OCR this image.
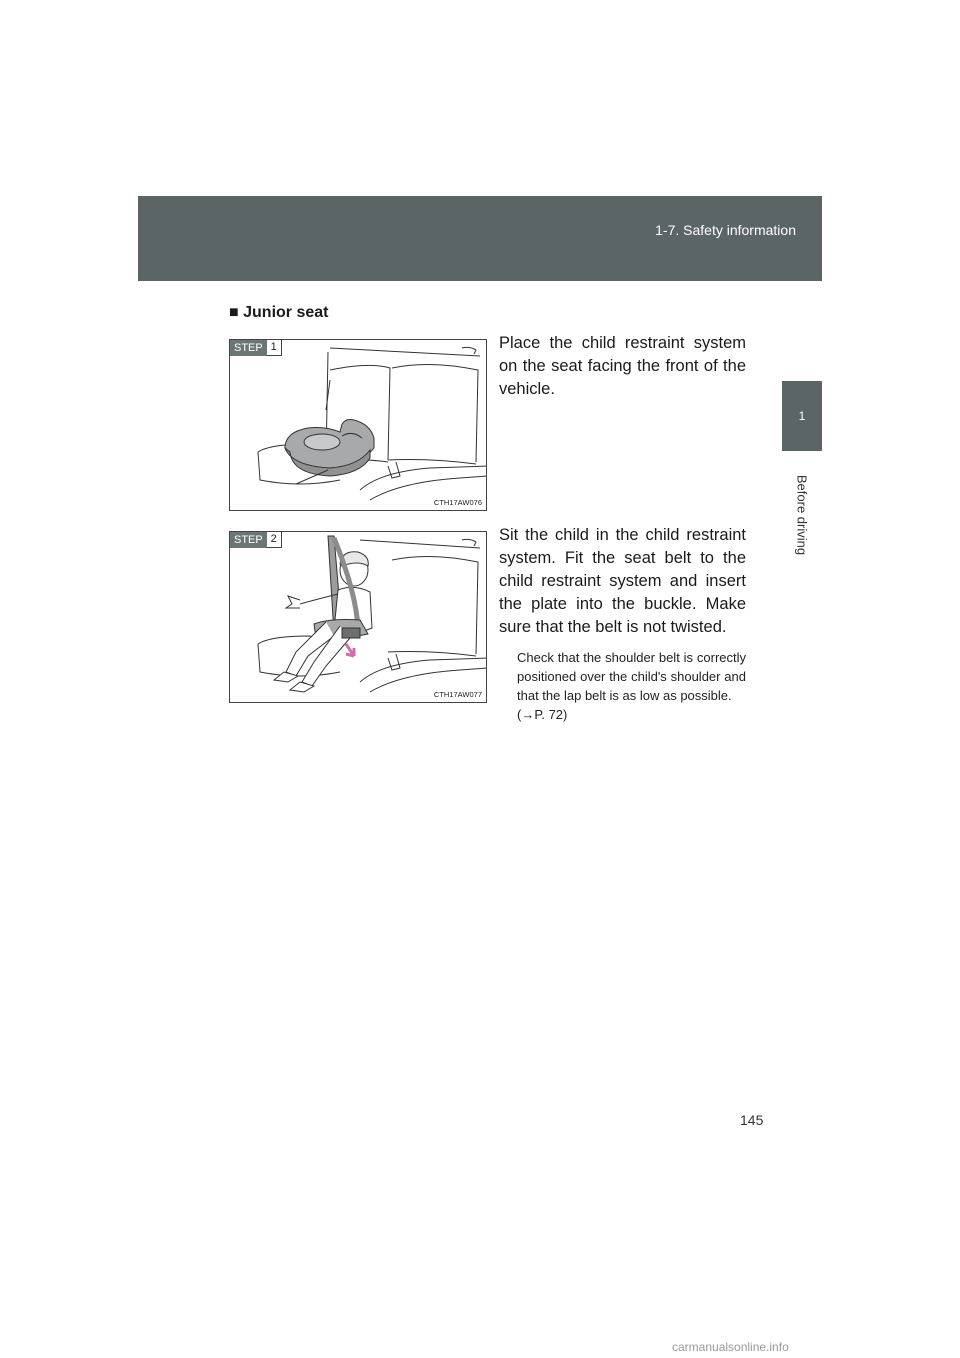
1-7. Safety information
1
Before driving
■ Junior seat
STEP 1
CTH17AW076
Place the child restraint system on the seat facing the front of the vehicle.
STEP 2
CTH17AW077
Sit the child in the child restraint system. Fit the seat belt to the child restraint system and insert the plate into the buckle. Make sure that the belt is not twisted.
Check that the shoulder belt is correctly positioned over the child's shoulder and that the lap belt is as low as possible.
(→P. 72)
145
carmanualsonline.info
